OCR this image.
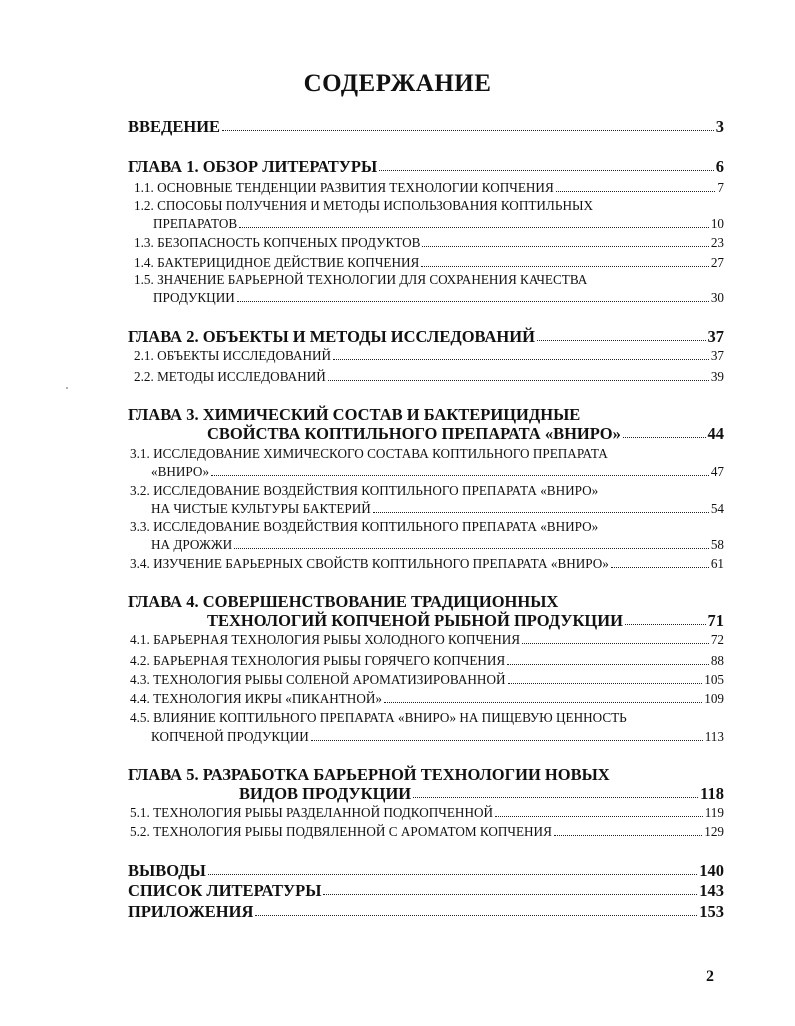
СОДЕРЖАНИЕ
ВВЕДЕНИЕ	3
ГЛАВА 1. ОБЗОР ЛИТЕРАТУРЫ	6
1.1. ОСНОВНЫЕ ТЕНДЕНЦИИ РАЗВИТИЯ ТЕХНОЛОГИИ КОПЧЕНИЯ	7
1.2. СПОСОБЫ ПОЛУЧЕНИЯ И МЕТОДЫ ИСПОЛЬЗОВАНИЯ КОПТИЛЬНЫХ
ПРЕПАРАТОВ	10
1.3. БЕЗОПАСНОСТЬ КОПЧЕНЫХ ПРОДУКТОВ	23
1.4. БАКТЕРИЦИДНОЕ ДЕЙСТВИЕ КОПЧЕНИЯ	27
1.5. ЗНАЧЕНИЕ БАРЬЕРНОЙ ТЕХНОЛОГИИ ДЛЯ СОХРАНЕНИЯ КАЧЕСТВА
ПРОДУКЦИИ	30
ГЛАВА 2. ОБЪЕКТЫ И МЕТОДЫ ИССЛЕДОВАНИЙ	37
2.1. ОБЪЕКТЫ ИССЛЕДОВАНИЙ	37
2.2. МЕТОДЫ ИССЛЕДОВАНИЙ	39
ГЛАВА 3. ХИМИЧЕСКИЙ СОСТАВ И БАКТЕРИЦИДНЫЕ
СВОЙСТВА КОПТИЛЬНОГО ПРЕПАРАТА «ВНИРО»	44
3.1. ИССЛЕДОВАНИЕ ХИМИЧЕСКОГО СОСТАВА КОПТИЛЬНОГО ПРЕПАРАТА
«ВНИРО»	47
3.2. ИССЛЕДОВАНИЕ ВОЗДЕЙСТВИЯ КОПТИЛЬНОГО ПРЕПАРАТА «ВНИРО»
НА ЧИСТЫЕ КУЛЬТУРЫ БАКТЕРИЙ	54
3.3. ИССЛЕДОВАНИЕ ВОЗДЕЙСТВИЯ КОПТИЛЬНОГО ПРЕПАРАТА «ВНИРО»
НА ДРОЖЖИ	58
3.4. ИЗУЧЕНИЕ БАРЬЕРНЫХ СВОЙСТВ КОПТИЛЬНОГО ПРЕПАРАТА «ВНИРО»	61
ГЛАВА 4. СОВЕРШЕНСТВОВАНИЕ ТРАДИЦИОННЫХ
ТЕХНОЛОГИЙ КОПЧЕНОЙ РЫБНОЙ ПРОДУКЦИИ	71
4.1. БАРЬЕРНАЯ ТЕХНОЛОГИЯ РЫБЫ ХОЛОДНОГО КОПЧЕНИЯ	72
4.2. БАРЬЕРНАЯ ТЕХНОЛОГИЯ РЫБЫ ГОРЯЧЕГО КОПЧЕНИЯ	88
4.3. ТЕХНОЛОГИЯ РЫБЫ СОЛЕНОЙ АРОМАТИЗИРОВАННОЙ	105
4.4. ТЕХНОЛОГИЯ ИКРЫ «ПИКАНТНОЙ»	109
4.5. ВЛИЯНИЕ КОПТИЛЬНОГО ПРЕПАРАТА «ВНИРО» НА ПИЩЕВУЮ ЦЕННОСТЬ
КОПЧЕНОЙ ПРОДУКЦИИ	113
ГЛАВА 5. РАЗРАБОТКА БАРЬЕРНОЙ ТЕХНОЛОГИИ НОВЫХ
ВИДОВ ПРОДУКЦИИ	118
5.1. ТЕХНОЛОГИЯ РЫБЫ РАЗДЕЛАННОЙ ПОДКОПЧЕННОЙ	119
5.2. ТЕХНОЛОГИЯ РЫБЫ ПОДВЯЛЕННОЙ С АРОМАТОМ КОПЧЕНИЯ	129
ВЫВОДЫ	140
СПИСОК ЛИТЕРАТУРЫ	143
ПРИЛОЖЕНИЯ	153
2
